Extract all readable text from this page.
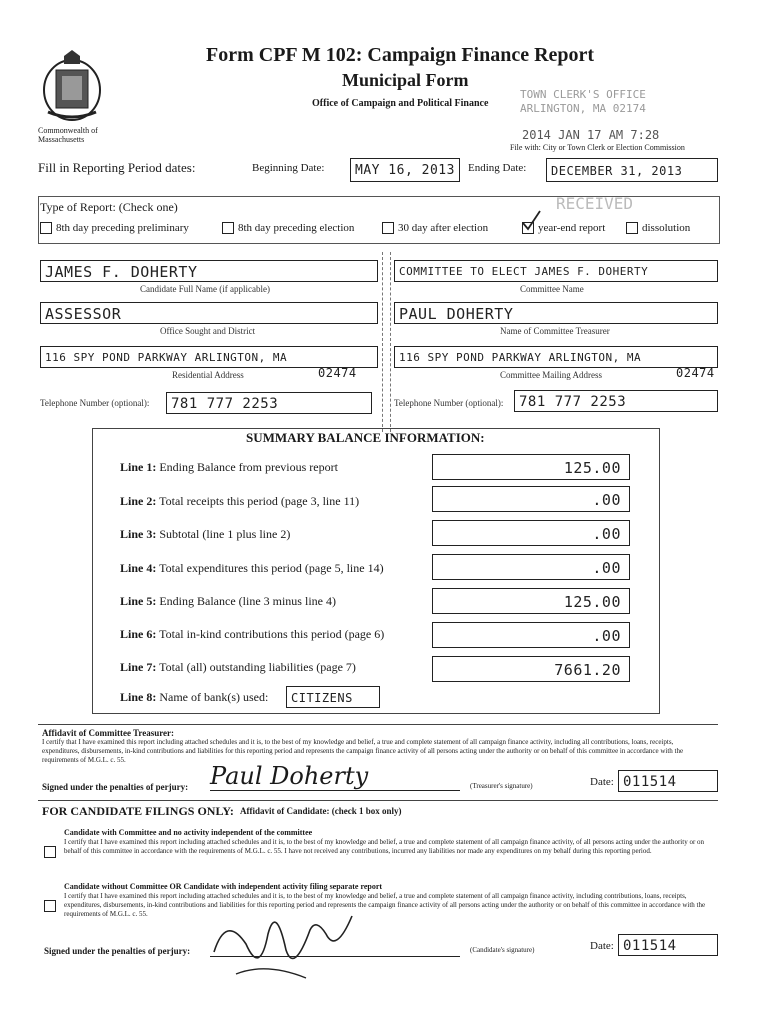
Commonwealth of Massachusetts
Form CPF M 102: Campaign Finance Report
Municipal Form
Office of Campaign and Political Finance
TOWN CLERK'S OFFICE
ARLINGTON, MA 02174
2014 JAN 17 AM 7:28
File with: City or Town Clerk or Election Commission
Fill in Reporting Period dates:	Beginning Date:	MAY 16, 2013	Ending Date:	DECEMBER 31, 2013
Type of Report: (Check one)	RECEIVED
8th day preceding preliminary	8th day preceding election	30 day after election	year-end report	dissolution
JAMES F. DOHERTY
Candidate Full Name (if applicable)
COMMITTEE TO ELECT JAMES F. DOHERTY
Committee Name
ASSESSOR
Office Sought and District
PAUL DOHERTY
Name of Committee Treasurer
116 SPY POND PARKWAY ARLINGTON, MA
02474
Residential Address
116 SPY POND PARKWAY ARLINGTON, MA
02474
Committee Mailing Address
Telephone Number (optional):	781 777 2253	Telephone Number (optional):	781 777 2253
SUMMARY BALANCE INFORMATION:
Line 1: Ending Balance from previous report	125.00
Line 2: Total receipts this period (page 3, line 11)	.00
Line 3: Subtotal (line 1 plus line 2)	.00
Line 4: Total expenditures this period (page 5, line 14)	.00
Line 5: Ending Balance (line 3 minus line 4)	125.00
Line 6: Total in-kind contributions this period (page 6)	.00
Line 7: Total (all) outstanding liabilities (page 7)	7661.20
Line 8: Name of bank(s) used:	CITIZENS
Affidavit of Committee Treasurer:
I certify that I have examined this report including attached schedules and it is, to the best of my knowledge and belief, a true and complete statement of all campaign finance activity, including all contributions, loans, receipts, expenditures, disbursements, in-kind contributions and liabilities for this reporting period and represents the campaign finance activity of all persons acting under the authority or on behalf of this committee in accordance with the requirements of M.G.L. c. 55.
Signed under the penalties of perjury: Paul Doherty	(Treasurer's signature)	Date: 011514
FOR CANDIDATE FILINGS ONLY: Affidavit of Candidate: (check 1 box only)
Candidate with Committee and no activity independent of the committee
I certify that I have examined this report including attached schedules and it is, to the best of my knowledge and belief, a true and complete statement of all campaign finance activity, of all persons acting under the authority or on behalf of this committee in accordance with the requirements of M.G.L. c. 55. I have not received any contributions, incurred any liabilities nor made any expenditures on my behalf during this reporting period.
Candidate without Committee OR Candidate with independent activity filing separate report
I certify that I have examined this report including attached schedules and it is, to the best of my knowledge and belief, a true and complete statement of all campaign finance activity, including contributions, loans, receipts, expenditures, disbursements, in-kind contributions and liabilities for this reporting period and represents the campaign finance activity of all persons acting under the authority or on behalf of this committee in accordance with the requirements of M.G.L. c. 55.
Signed under the penalties of perjury:	(Candidate's signature)	Date: 011514
